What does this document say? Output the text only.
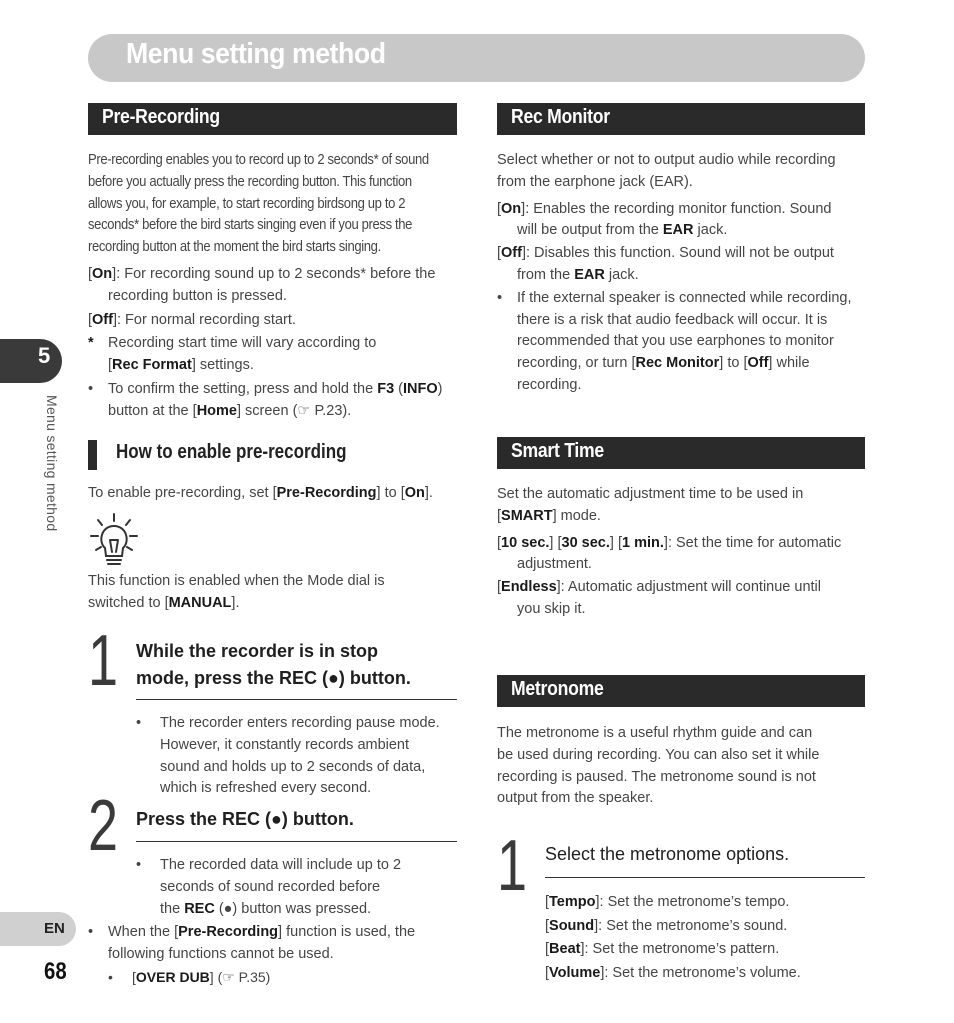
Menu setting method
5
Menu setting method
EN
68
Pre-Recording
Pre-recording enables you to record up to 2 seconds* of sound
before you actually press the recording button. This function
allows you, for example, to start recording birdsong up to 2
seconds* before the bird starts singing even if you press the
recording button at the moment the bird starts singing.
[On]: For recording sound up to 2 seconds* before the
recording button is pressed.
[Off]: For normal recording start.
* Recording start time will vary according to
[Rec Format] settings.
• To confirm the setting, press and hold the F3 (INFO)
button at the [Home] screen (☞ P.23).
How to enable pre-recording
To enable pre-recording, set [Pre-Recording] to [On].
This function is enabled when the Mode dial is
switched to [MANUAL].
1 While the recorder is in stop
mode, press the REC (●) button.
• The recorder enters recording pause mode.
However, it constantly records ambient
sound and holds up to 2 seconds of data,
which is refreshed every second.
2 Press the REC (●) button.
• The recorded data will include up to 2
seconds of sound recorded before
the REC (●) button was pressed.
• When the [Pre-Recording] function is used, the
following functions cannot be used.
• [OVER DUB] (☞ P.35)
Rec Monitor
Select whether or not to output audio while recording
from the earphone jack (EAR).
[On]: Enables the recording monitor function. Sound
will be output from the EAR jack.
[Off]: Disables this function. Sound will not be output
from the EAR jack.
• If the external speaker is connected while recording,
there is a risk that audio feedback will occur. It is
recommended that you use earphones to monitor
recording, or turn [Rec Monitor] to [Off] while
recording.
Smart Time
Set the automatic adjustment time to be used in
[SMART] mode.
[10 sec.] [30 sec.] [1 min.]: Set the time for automatic
adjustment.
[Endless]: Automatic adjustment will continue until
you skip it.
Metronome
The metronome is a useful rhythm guide and can
be used during recording. You can also set it while
recording is paused. The metronome sound is not
output from the speaker.
1 Select the metronome options.
[Tempo]: Set the metronome’s tempo.
[Sound]: Set the metronome’s sound.
[Beat]: Set the metronome’s pattern.
[Volume]: Set the metronome’s volume.
